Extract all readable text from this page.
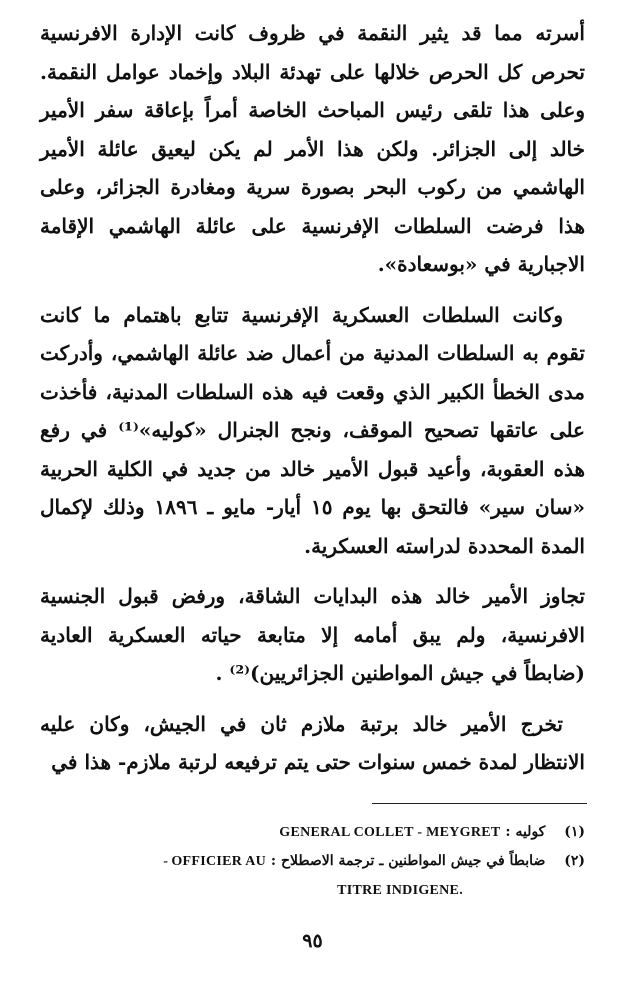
أسرته مما قد يثير النقمة في ظروف كانت الإدارة الافرنسية تحرص كل الحرص خلالها على تهدئة البلاد وإخماد عوامل النقمة. وعلى هذا تلقى رئيس المباحث الخاصة أمراً بإعاقة سفر الأمير خالد إلى الجزائر. ولكن هذا الأمر لم يكن ليعيق عائلة الأمير الهاشمي من ركوب البحر بصورة سرية ومغادرة الجزائر، وعلى هذا فرضت السلطات الإفرنسية على عائلة الهاشمي الإقامة الاجبارية في «بوسعادة».

وكانت السلطات العسكرية الإفرنسية تتابع باهتمام ما كانت تقوم به السلطات المدنية من أعمال ضد عائلة الهاشمي، وأدركت مدى الخطأ الكبير الذي وقعت فيه هذه السلطات المدنية، فأخذت على عاتقها تصحيح الموقف، ونجح الجنرال «كوليه»⁽¹⁾ في رفع هذه العقوبة، وأعيد قبول الأمير خالد من جديد في الكلية الحربية «سان سير» فالتحق بها يوم ١٥ أيار- مايو ـ ١٨٩٦ وذلك لإكمال المدة المحددة لدراسته العسكرية.

تجاوز الأمير خالد هذه البدايات الشاقة، ورفض قبول الجنسية الافرنسية، ولم يبق أمامه إلا متابعة حياته العسكرية العادية (ضابطاً في جيش المواطنين الجزائريين)⁽²⁾ .

تخرج الأمير خالد برتبة ملازم ثان في الجيش، وكان عليه الانتظار لمدة خمس سنوات حتى يتم ترفيعه لرتبة ملازم- هذا في

(١) كوليه : GENERAL COLLET - MEYGRET

(٢) ضابطاً في جيش المواطنين ـ ترجمة الاصطلاح : - OFFICIER AU

TITRE INDIGENE.

٩٥
